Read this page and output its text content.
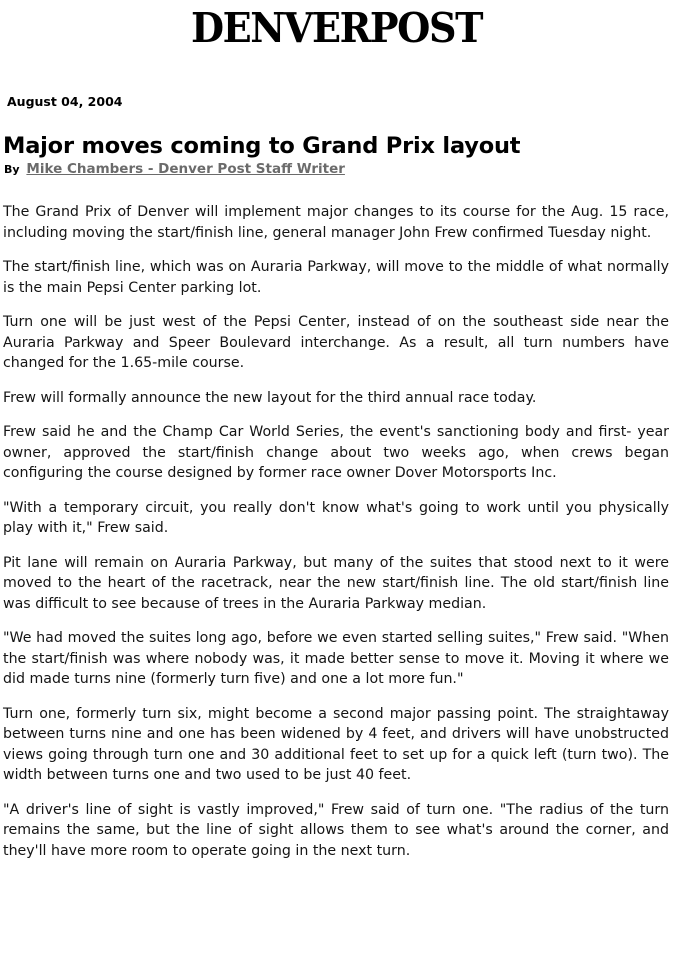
DENVERPOST
August 04, 2004
Major moves coming to Grand Prix layout
By Mike Chambers - Denver Post Staff Writer

The Grand Prix of Denver will implement major changes to its course for the Aug. 15 race, including moving the start/finish line, general manager John Frew confirmed Tuesday night.

The start/finish line, which was on Auraria Parkway, will move to the middle of what normally is the main Pepsi Center parking lot.

Turn one will be just west of the Pepsi Center, instead of on the southeast side near the Auraria Parkway and Speer Boulevard interchange. As a result, all turn numbers have changed for the 1.65-mile course.

Frew will formally announce the new layout for the third annual race today.

Frew said he and the Champ Car World Series, the event's sanctioning body and first- year owner, approved the start/finish change about two weeks ago, when crews began configuring the course designed by former race owner Dover Motorsports Inc.

"With a temporary circuit, you really don't know what's going to work until you physically play with it," Frew said.

Pit lane will remain on Auraria Parkway, but many of the suites that stood next to it were moved to the heart of the racetrack, near the new start/finish line. The old start/finish line was difficult to see because of trees in the Auraria Parkway median.

"We had moved the suites long ago, before we even started selling suites," Frew said. "When the start/finish was where nobody was, it made better sense to move it. Moving it where we did made turns nine (formerly turn five) and one a lot more fun."

Turn one, formerly turn six, might become a second major passing point. The straightaway between turns nine and one has been widened by 4 feet, and drivers will have unobstructed views going through turn one and 30 additional feet to set up for a quick left (turn two). The width between turns one and two used to be just 40 feet.

"A driver's line of sight is vastly improved," Frew said of turn one. "The radius of the turn remains the same, but the line of sight allows them to see what's around the corner, and they'll have more room to operate going in the next turn.
